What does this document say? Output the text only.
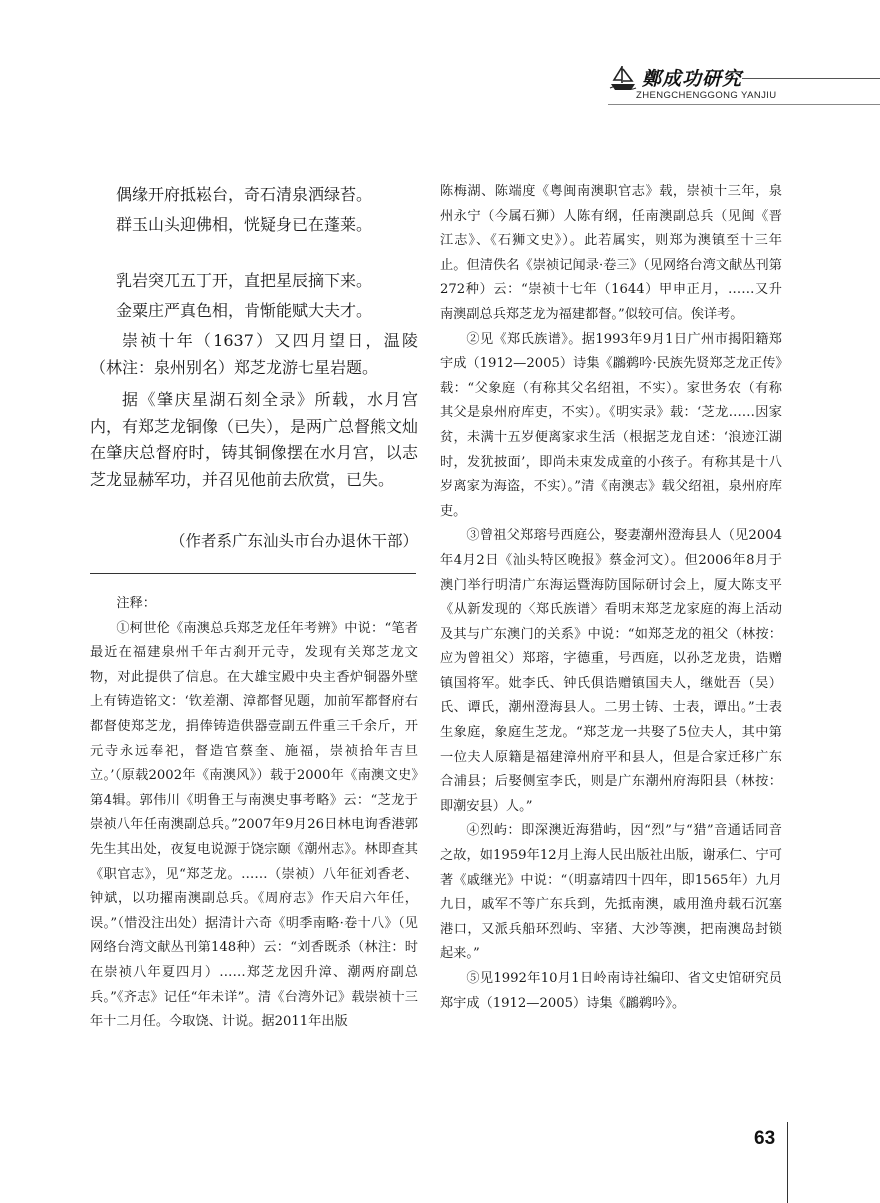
鄭成功研究
ZHENGCHENGGONG YANJIU
偶缘开府抵崧台，奇石清泉洒绿苔。
群玉山头迎佛相，恍疑身已在蓬莱。
乳岩突兀五丁开，直把星辰摘下来。
金粟庄严真色相，肯惭能赋大夫才。

崇祯十年（1637）又四月望日，温陵（林注：泉州别名）郑芝龙游七星岩题。

据《肇庆星湖石刻全录》所载，水月宫内，有郑芝龙铜像（已失），是两广总督熊文灿在肇庆总督府时，铸其铜像摆在水月宫，以志芝龙显赫军功，并召见他前去欣赏，已失。

（作者系广东汕头市台办退休干部）

注释：

①柯世伦《南澳总兵郑芝龙任年考辨》中说：“笔者最近在福建泉州千年古刹开元寺，发现有关郑芝龙文物，对此提供了信息。在大雄宝殿中央主香炉铜器外壁上有铸造铭文：‘钦差潮、漳都督见题，加前军都督府右都督使郑芝龙，捐俸铸造供器壹副五件重三千余斤，开元寺永远奉祀，督造官蔡奎、施福，崇祯拾年吉旦立。’（原载2002年《南澳风》）载于2000年《南澳文史》第4辑。郭伟川《明鲁王与南澳史事考略》云：“芝龙于崇祯八年任南澳副总兵。”2007年9月26日林电询香港郭先生其出处，夜复电说源于饶宗颐《潮州志》。林即查其《职官志》，见“郑芝龙。……（崇祯）八年征刘香老、钟斌，以功擢南澳副总兵。《周府志》作天启六年任，误。”（惜没注出处）据清计六奇《明季南略·卷十八》（见网络台湾文献丛刊第148种）云：“刘香既杀（林注：时在崇祯八年夏四月）……郑芝龙因升漳、潮两府副总兵。”《齐志》记任“年未详”。清《台湾外记》载崇祯十三年十二月任。今取饶、计说。据2011年出版

陈梅湖、陈端度《粤闽南澳职官志》载，崇祯十三年，泉州永宁（今属石狮）人陈有纲，任南澳副总兵（见闽《晋江志》、《石狮文史》）。此若属实，则郑为澳镇至十三年止。但清佚名《崇祯记闻录·卷三》（见网络台湾文献丛刊第272种）云：“崇祯十七年（1644）甲申正月，……又升南澳副总兵郑芝龙为福建都督。”似较可信。俟详考。

②见《郑氏族谱》。据1993年9月1日广州市揭阳籍郑宇成（1912—2005）诗集《鸊鹈吟·民族先贤郑芝龙正传》载：“父象庭（有称其父名绍祖，不实）。家世务农（有称其父是泉州府库吏，不实）。《明实录》载：‘芝龙……因家贫，未满十五岁便离家求生活（根据芝龙自述：‘浪迹江湖时，发犹披面’，即尚未束发成童的小孩子。有称其是十八岁离家为海盗，不实）。”清《南澳志》载父绍祖，泉州府库吏。

③曾祖父郑瑢号西庭公，娶妻潮州澄海县人（见2004年4月2日《汕头特区晚报》蔡金河文）。但2006年8月于澳门举行明清广东海运暨海防国际研讨会上，厦大陈支平《从新发现的〈郑氏族谱〉看明末郑芝龙家庭的海上活动及其与广东澳门的关系》中说：“如郑芝龙的祖父（林按：应为曾祖父）郑瑢，字德重，号西庭，以孙芝龙贵，诰赠镇国将军。妣李氏、钟氏俱诰赠镇国夫人，继妣吾（吴）氏、谭氏，潮州澄海县人。二男士铸、士表，谭出。”士表生象庭，象庭生芝龙。“郑芝龙一共娶了5位夫人，其中第一位夫人原籍是福建漳州府平和县人，但是合家迁移广东合浦县；后娶侧室李氏，则是广东潮州府海阳县（林按：即潮安县）人。”

④烈屿：即深澳近海猎屿，因“烈”与“猎”音通话同音之故，如1959年12月上海人民出版社出版，谢承仁、宁可著《戚继光》中说：“（明嘉靖四十四年，即1565年）九月九日，戚军不等广东兵到，先抵南澳，戚用渔舟载石沉塞港口，又派兵船环烈屿、宰猪、大沙等澳，把南澳岛封锁起来。”

⑤见1992年10月1日岭南诗社编印、省文史馆研究员郑宇成（1912—2005）诗集《鸊鹈吟》。

63
